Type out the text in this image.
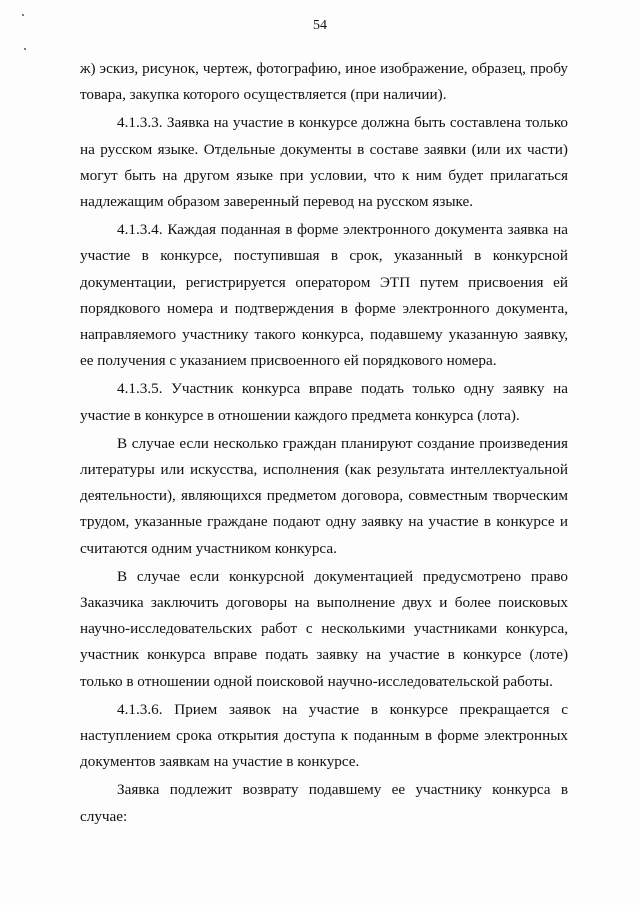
54

ж) эскиз, рисунок, чертеж, фотографию, иное изображение, образец, пробу товара, закупка которого осуществляется (при наличии).

4.1.3.3. Заявка на участие в конкурсе должна быть составлена только на русском языке. Отдельные документы в составе заявки (или их части) могут быть на другом языке при условии, что к ним будет прилагаться надлежащим образом заверенный перевод на русском языке.

4.1.3.4. Каждая поданная в форме электронного документа заявка на участие в конкурсе, поступившая в срок, указанный в конкурсной документации, регистрируется оператором ЭТП путем присвоения ей порядкового номера и подтверждения в форме электронного документа, направляемого участнику такого конкурса, подавшему указанную заявку, ее получения с указанием присвоенного ей порядкового номера.

4.1.3.5. Участник конкурса вправе подать только одну заявку на участие в конкурсе в отношении каждого предмета конкурса (лота).

В случае если несколько граждан планируют создание произведения литературы или искусства, исполнения (как результата интеллектуальной деятельности), являющихся предметом договора, совместным творческим трудом, указанные граждане подают одну заявку на участие в конкурсе и считаются одним участником конкурса.

В случае если конкурсной документацией предусмотрено право Заказчика заключить договоры на выполнение двух и более поисковых научно-исследовательских работ с несколькими участниками конкурса, участник конкурса вправе подать заявку на участие в конкурсе (лоте) только в отношении одной поисковой научно-исследовательской работы.

4.1.3.6. Прием заявок на участие в конкурсе прекращается с наступлением срока открытия доступа к поданным в форме электронных документов заявкам на участие в конкурсе.

Заявка подлежит возврату подавшему ее участнику конкурса в случае:
